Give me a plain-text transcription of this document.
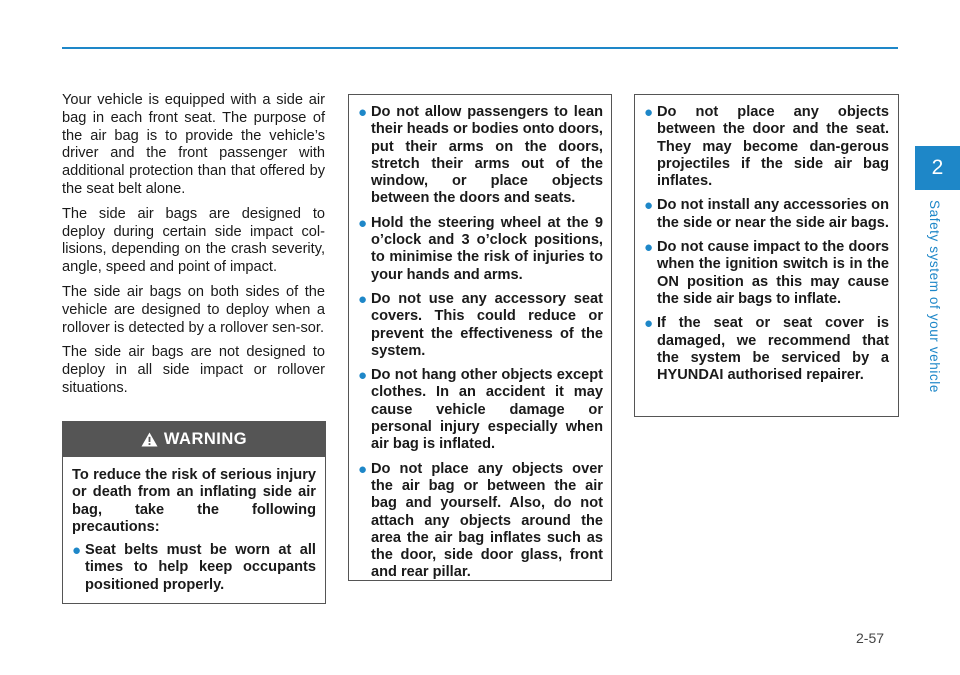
Your vehicle is equipped with a side air bag in each front seat. The purpose of the air bag is to provide the vehicle’s driver and the front passenger with additional protection than that offered by the seat belt alone.

The side air bags are designed to deploy during certain side impact col-lisions, depending on the crash severity, angle, speed and point of impact.

The side air bags on both sides of the vehicle are designed to deploy when a rollover is detected by a rollover sen-sor.

The side air bags are not designed to deploy in all side impact or rollover situations.

WARNING

To reduce the risk of serious injury or death from an inflating side air bag, take the following precautions:

● Seat belts must be worn at all times to help keep occupants positioned properly.
● Do not allow passengers to lean their heads or bodies onto doors, put their arms on the doors, stretch their arms out of the window, or place objects between the doors and seats.
● Hold the steering wheel at the 9 o’clock and 3 o’clock positions, to minimise the risk of injuries to your hands and arms.
● Do not use any accessory seat covers. This could reduce or prevent the effectiveness of the system.
● Do not hang other objects except clothes. In an accident it may cause vehicle damage or personal injury especially when air bag is inflated.
● Do not place any objects over the air bag or between the air bag and yourself. Also, do not attach any objects around the area the air bag inflates such as the door, side door glass, front and rear pillar.
● Do not place any objects between the door and the seat. They may become dan-gerous projectiles if the side air bag inflates.
● Do not install any accessories on the side or near the side air bags.
● Do not cause impact to the doors when the ignition switch is in the ON position as this may cause the side air bags to inflate.
● If the seat or seat cover is damaged, we recommend that the system be serviced by a HYUNDAI authorised repairer.
2
Safety system of your vehicle
2-57
